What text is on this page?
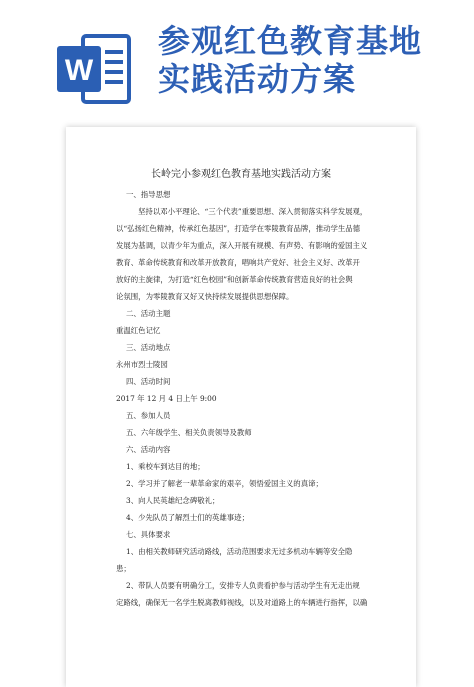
W
参观红色教育基地
实践活动方案
长岭完小参观红色教育基地实践活动方案
一、指导思想
坚持以邓小平理论、“三个代表”重要思想、深入贯彻落实科学发展观，
以“弘扬红色精神，传承红色基因”，打造学在零陵教育品牌，推动学生品德
发展为基调，以青少年为重点，深入开展有规模、有声势、有影响的爱国主义
教育、革命传统教育和改革开放教育，唱响共产党好、社会主义好、改革开
放好的主旋律，为打造“红色校园”和创新革命传统教育营造良好的社会舆
论氛围，为零陵教育又好又快持续发展提供思想保障。
二、活动主题
重温红色记忆
三、活动地点
永州市烈士陵园
四、活动时间
2017 年 12 月 4 日上午 9:00
五、参加人员
五、六年级学生、相关负责领导及教师
六、活动内容
1、乘校车到达目的地；
2、学习并了解老一辈革命家的艰辛，领悟爱国主义的真谛；
3、向人民英雄纪念碑敬礼；
4、少先队员了解烈士们的英雄事迹；
七、具体要求
1、由相关教师研究活动路线，活动范围要求无过多机动车辆等安全隐
患；
2、带队人员要有明确分工，安排专人负责看护参与活动学生有无走出规
定路线，确保无一名学生脱离教师视线，以及对道路上的车辆进行指挥，以确
